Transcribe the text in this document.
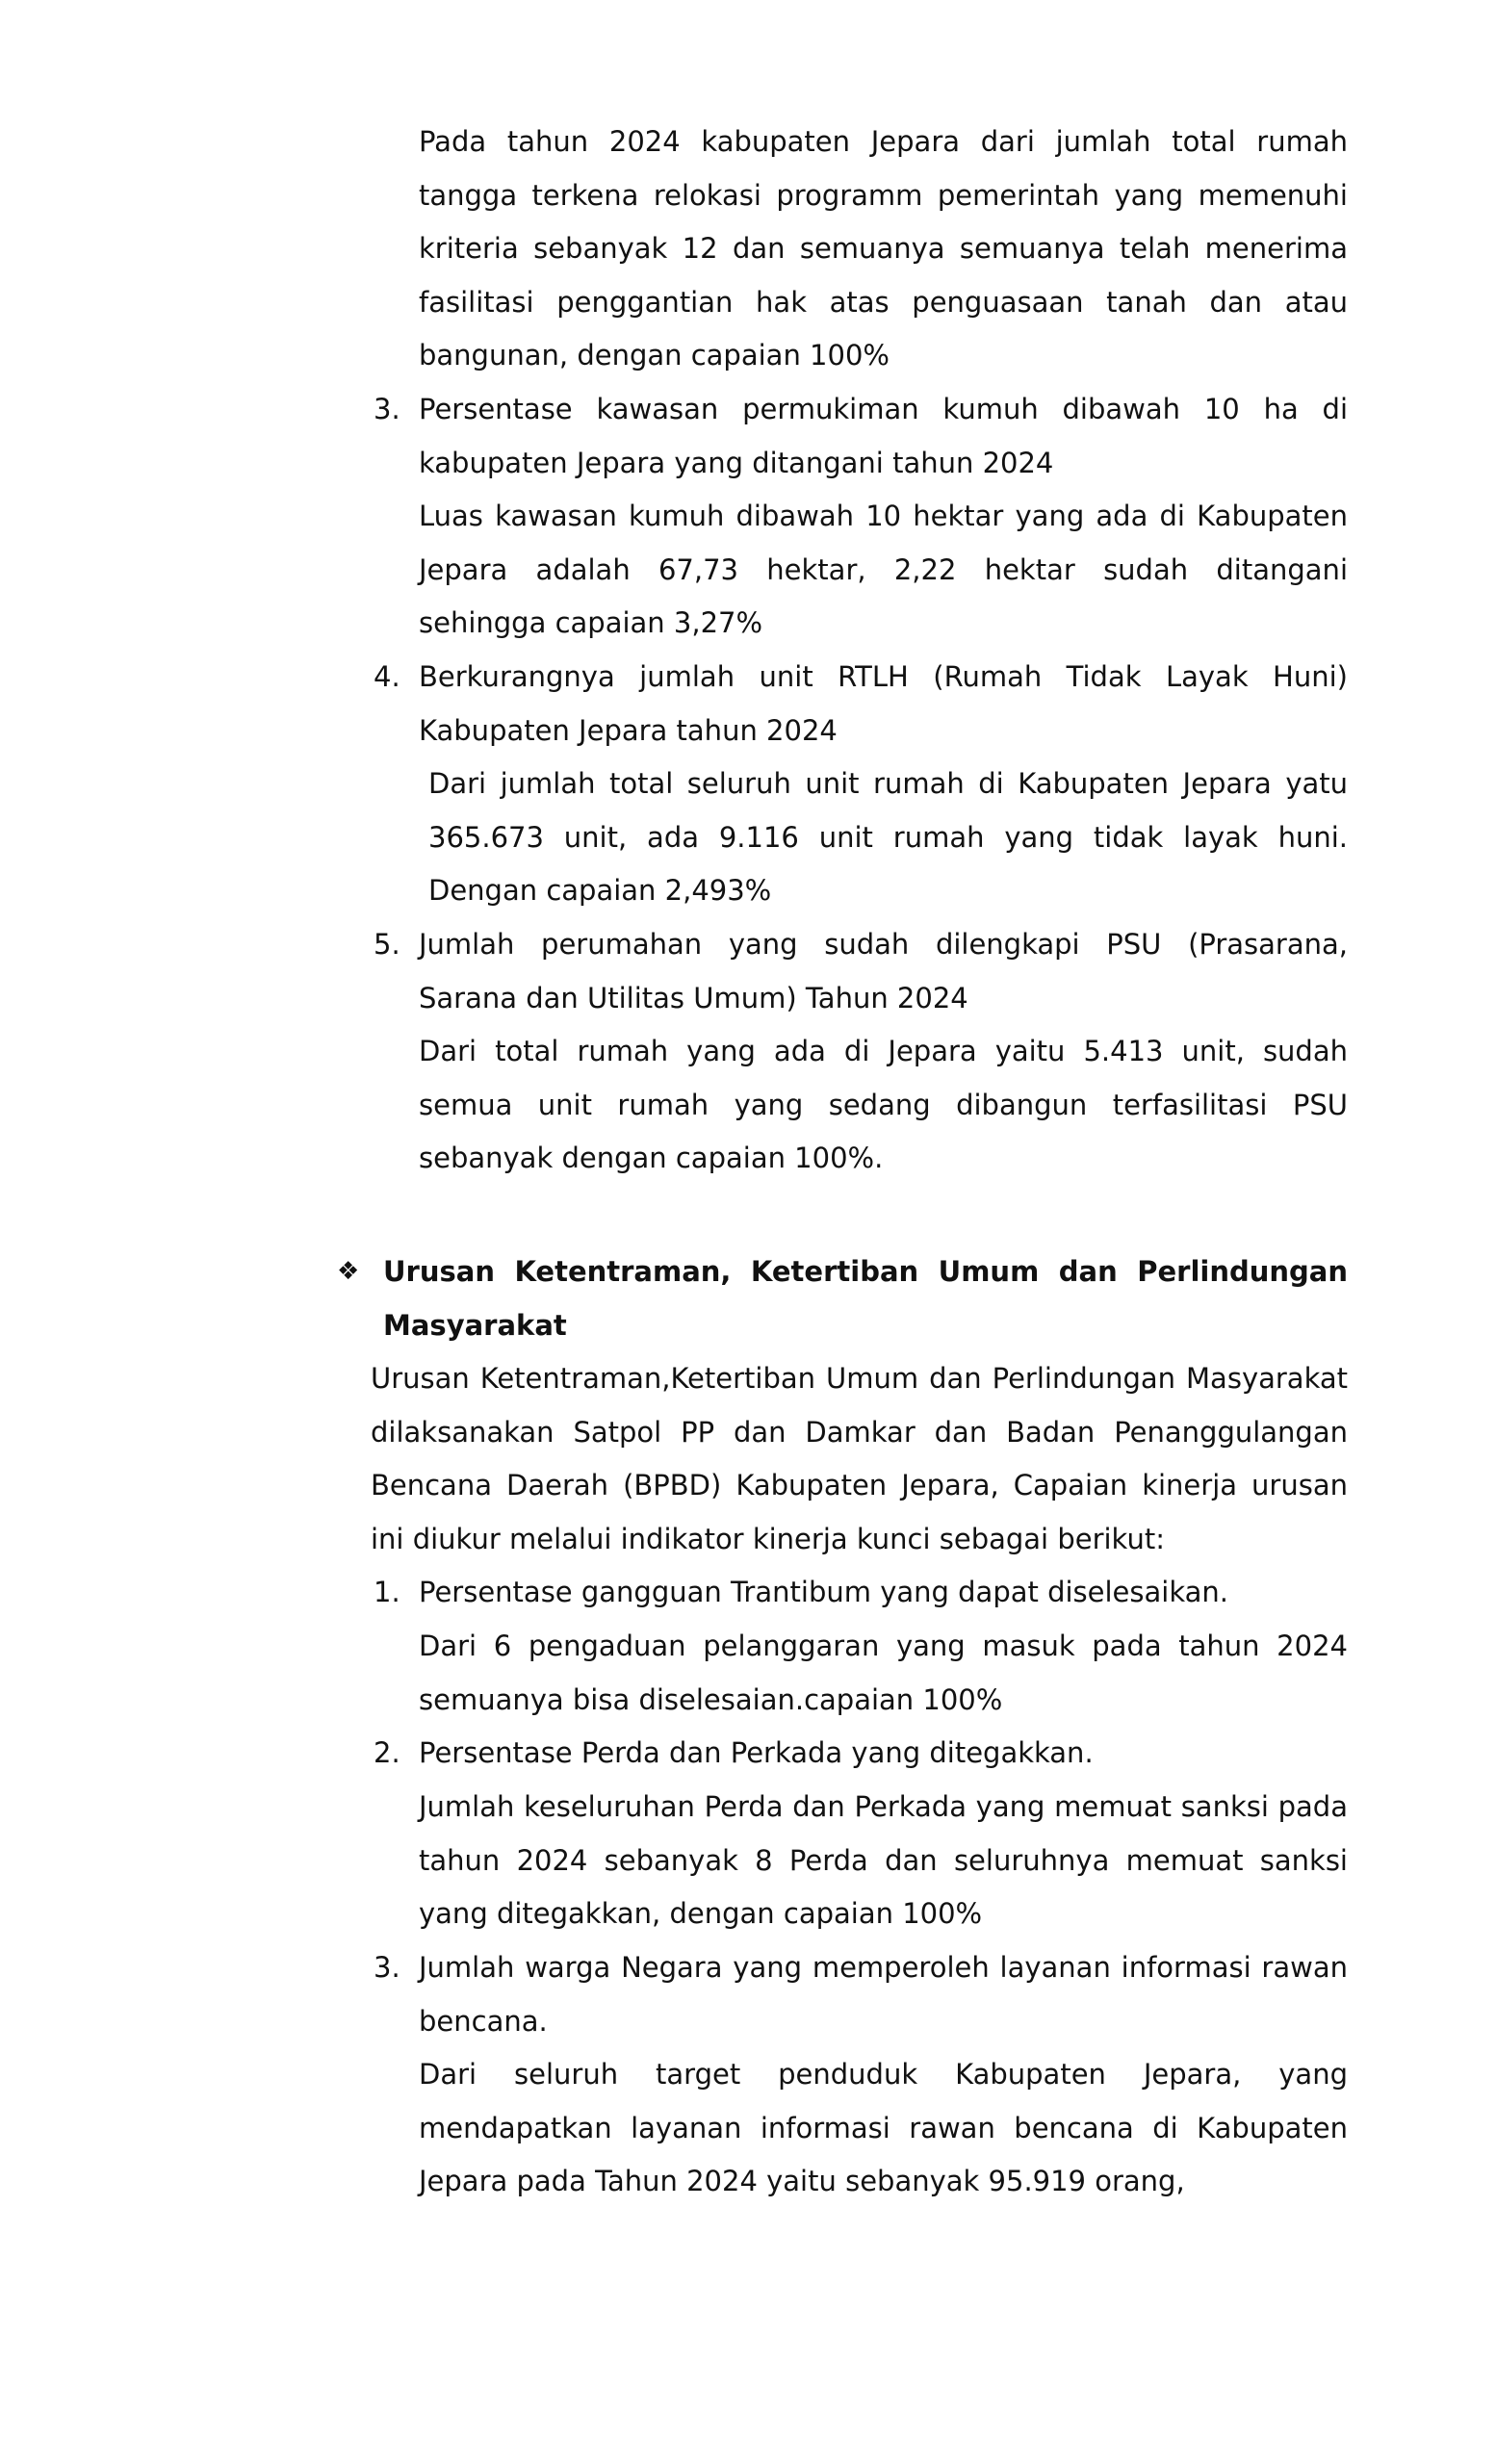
Pada tahun 2024 kabupaten Jepara dari jumlah total rumah tangga terkena relokasi programm pemerintah yang memenuhi kriteria sebanyak 12 dan semuanya semuanya telah menerima fasilitasi penggantian hak atas penguasaan tanah dan atau bangunan, dengan capaian 100%

3. Persentase kawasan permukiman kumuh dibawah 10 ha di kabupaten Jepara yang ditangani tahun 2024

Luas kawasan kumuh dibawah 10 hektar yang ada di Kabupaten Jepara adalah 67,73 hektar, 2,22 hektar sudah ditangani sehingga capaian 3,27%

4. Berkurangnya jumlah unit RTLH (Rumah Tidak Layak Huni) Kabupaten Jepara tahun 2024

Dari jumlah total seluruh unit rumah di Kabupaten Jepara yatu 365.673 unit, ada 9.116 unit rumah yang tidak layak huni. Dengan capaian 2,493%

5. Jumlah perumahan yang sudah dilengkapi PSU (Prasarana, Sarana dan Utilitas Umum) Tahun 2024

Dari total rumah yang ada di Jepara yaitu 5.413 unit, sudah semua unit rumah yang sedang dibangun terfasilitasi PSU sebanyak dengan capaian 100%.

❖ Urusan Ketentraman, Ketertiban Umum dan Perlindungan Masyarakat

Urusan Ketentraman,Ketertiban Umum dan Perlindungan Masyarakat dilaksanakan Satpol PP dan Damkar dan Badan Penanggulangan Bencana Daerah (BPBD) Kabupaten Jepara, Capaian kinerja urusan ini diukur melalui indikator kinerja kunci sebagai berikut:

1. Persentase gangguan Trantibum yang dapat diselesaikan.

Dari 6 pengaduan pelanggaran yang masuk pada tahun 2024 semuanya bisa diselesaian.capaian 100%

2. Persentase Perda dan Perkada yang ditegakkan.

Jumlah keseluruhan Perda dan Perkada yang memuat sanksi pada tahun 2024 sebanyak 8 Perda dan seluruhnya memuat sanksi yang ditegakkan, dengan capaian 100%

3. Jumlah warga Negara yang memperoleh layanan informasi rawan bencana.

Dari seluruh target penduduk Kabupaten Jepara, yang mendapatkan layanan informasi rawan bencana di Kabupaten Jepara pada Tahun 2024 yaitu sebanyak 95.919 orang,
